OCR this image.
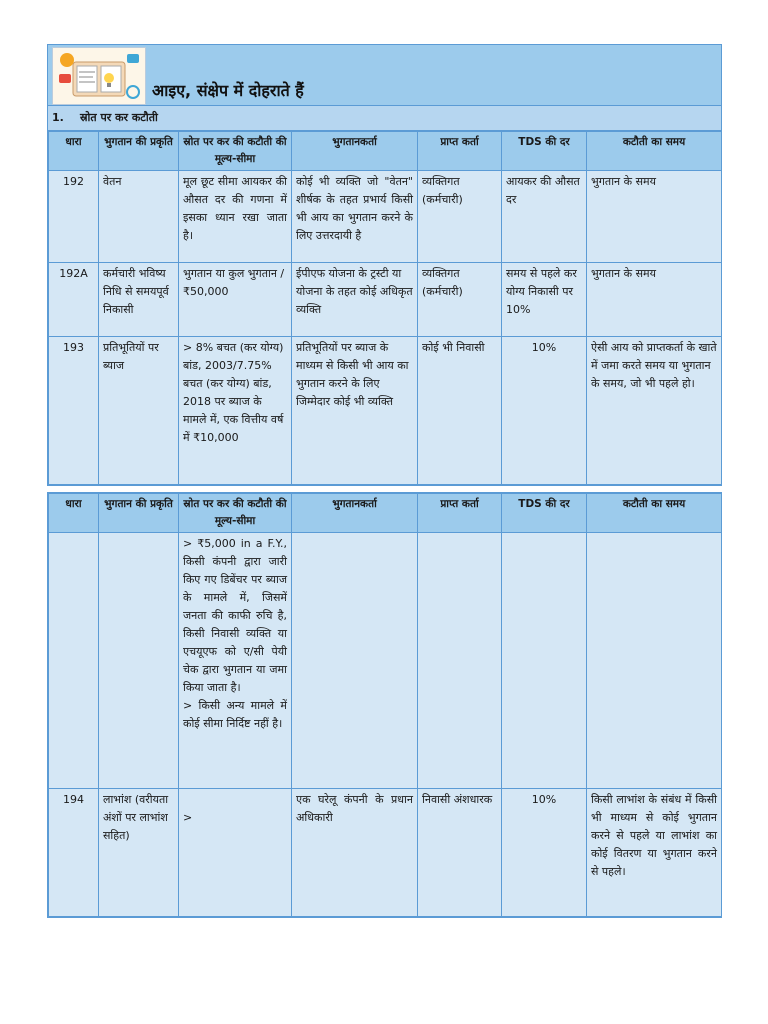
आइए, संक्षेप में दोहराते हैं
1. स्रोत पर कर कटौती
धारा	भुगतान की प्रकृति	स्रोत पर कर की कटौती की मूल्य-सीमा	भुगतानकर्ता	प्राप्त कर्ता	TDS की दर	कटौती का समय
192	वेतन	मूल छूट सीमा आयकर की औसत दर की गणना में इसका ध्यान रखा जाता है।	कोई भी व्यक्ति जो "वेतन" शीर्षक के तहत प्रभार्य किसी भी आय का भुगतान करने के लिए उत्तरदायी है	व्यक्तिगत (कर्मचारी)	आयकर की औसत दर	भुगतान के समय
192A	कर्मचारी भविष्य निधि से समयपूर्व निकासी	भुगतान या कुल भुगतान / ₹50,000	ईपीएफ योजना के ट्रस्टी या योजना के तहत कोई अधिकृत व्यक्ति	व्यक्तिगत (कर्मचारी)	समय से पहले कर योग्य निकासी पर 10%	भुगतान के समय
193	प्रतिभूतियों पर ब्याज	> 8% बचत (कर योग्य) बांड, 2003/7.75% बचत (कर योग्य) बांड, 2018 पर ब्याज के मामले में, एक वित्तीय वर्ष में ₹10,000	प्रतिभूतियों पर ब्याज के माध्यम से किसी भी आय का भुगतान करने के लिए जिम्मेदार कोई भी व्यक्ति	कोई भी निवासी	10%	ऐसी आय को प्राप्तकर्ता के खाते में जमा करते समय या भुगतान के समय, जो भी पहले हो।
धारा	भुगतान की प्रकृति	स्रोत पर कर की कटौती की मूल्य-सीमा	भुगतानकर्ता	प्राप्त कर्ता	TDS की दर	कटौती का समय

		> ₹5,000 in a F.Y., किसी कंपनी द्वारा जारी किए गए डिबेंचर पर ब्याज के मामले में, जिसमें जनता की काफी रुचि है, किसी निवासी व्यक्ति या एचयूएफ को ए/सी पेयी चेक द्वारा भुगतान या जमा किया जाता है।
> किसी अन्य मामले में कोई सीमा निर्दिष्ट नहीं है।				

194	लाभांश (वरीयता अंशों पर लाभांश सहित)	>	एक घरेलू कंपनी के प्रधान अधिकारी	निवासी अंशधारक	10%	किसी लाभांश के संबंध में किसी भी माध्यम से कोई भुगतान करने से पहले या लाभांश का कोई वितरण या भुगतान करने से पहले।
